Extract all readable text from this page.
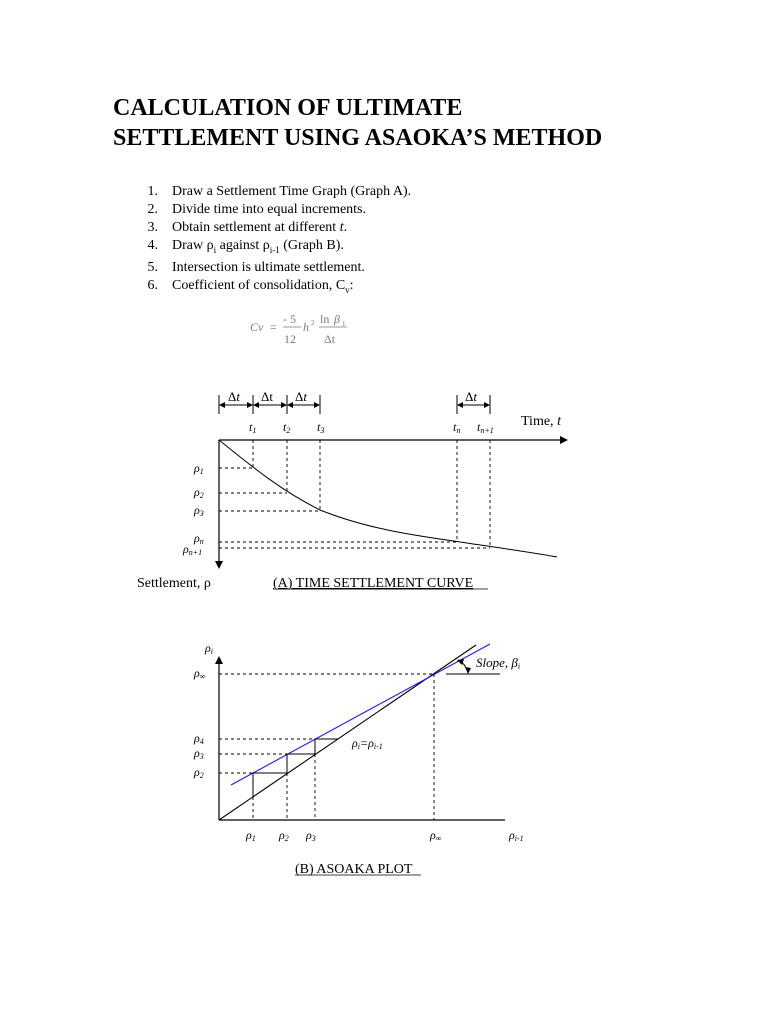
CALCULATION OF ULTIMATE
SETTLEMENT USING ASAOKA’S METHOD
1. Draw a Settlement Time Graph (Graph A).
2. Divide time into equal increments.
3. Obtain settlement at different t.
4. Draw $\rho_i$ against $\rho_{i-1}$ (Graph B).
5. Intersection is ultimate settlement.
6. Coefficient of consolidation, $C_v$:
Cv =
- 5
12
h 2 ln β 1
Δt
Δt Δt Δt	Δt
t1 t2 t3	tn tn+1
Time, t
ρ1
ρ2
ρ3
ρn
ρn+1
Settlement, ρ	(A) TIME SETTLEMENT CURVE
ρi
Slope, βi
ρi=ρi-1
ρ∞
ρ4
ρ3
ρ2
ρ1 ρ2 ρ3	ρ∞	ρi-1
(B) ASOAKA PLOT
